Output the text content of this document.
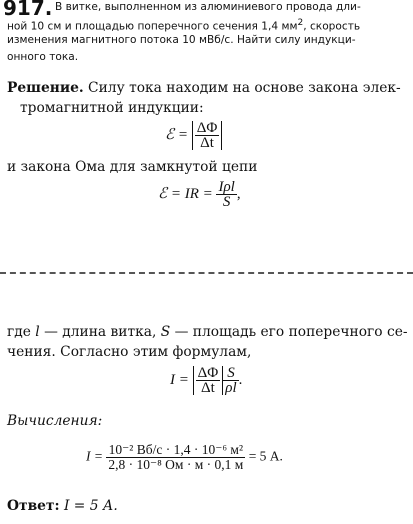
917. В витке, выполненном из алюминиевого провода дли-
ной 10 см и площадью поперечного сечения 1,4 $мм^2$, скорость
изменения магнитного потока 10 мВб/с. Найти силу индукци-
онного тока.
Решение. Силу тока находим на основе закона элек-
тромагнитной индукции:
ℰ = $\frac{\Delta\Phi}{\Delta t}$
и закона Ома для замкнутой цепи
ℰ = IR = $\frac{\text{Iρl}}{S}$ ,
где l — длина витка, S — площадь его поперечного се-
чения. Согласно этим формулам,
$I = \frac{\Delta\Phi}{\Delta t} \frac{S}{\rho l}$ .
Вычисления:
$I = \frac{\text{10⁻² Вб/с · 1,4 · 10⁻⁶ м²}}{\text{2,8 · 10⁻⁸ Ом · м · 0,1 м}} = 5$ А.
Ответ: I = 5 А.
